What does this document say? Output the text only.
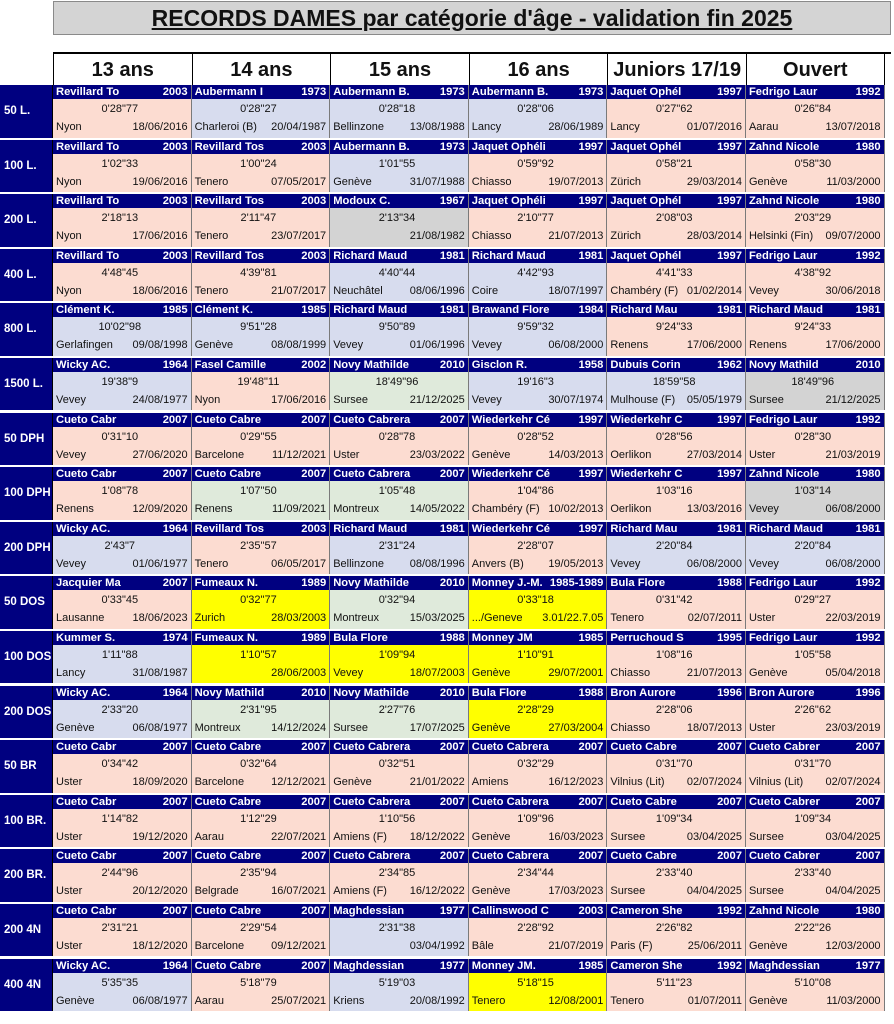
RECORDS DAMES par catégorie d'âge - validation fin 2025
13 ans	14 ans	15 ans	16 ans	Juniors 17/19	Ouvert
50 L.
Revillard To	2003
0'28"77
Nyon	18/06/2016
Aubermann I	1973
0'28"27
Charleroi (B) 20/04/1987
Aubermann B.	1973
0'28"18
Bellinzone 13/08/1988
Aubermann B.	1973
0'28"06
Lancy	28/06/1989
Jaquet Ophél	1997
0'27"62
Lancy	01/07/2016
Fedrigo Laur	1992
0'26"84
Aarau	13/07/2018
100 L.
Revillard To	2003
1'02"33
Nyon	19/06/2016
Revillard Tos	2003
1'00"24
Tenero	07/05/2017
Aubermann B.	1973
1'01"55
Genève	31/07/1988
Jaquet Ophéli	1997
0'59"92
Chiasso	19/07/2013
Jaquet Ophél	1997
0'58"21
Zürich	29/03/2014
Zahnd Nicole	1980
0'58"30
Genève	11/03/2000
200 L.
Revillard To	2003
2'18"13
Nyon	17/06/2016
Revillard Tos	2003
2'11"47
Tenero	23/07/2017
Modoux C.	1967
2'13"34
21/08/1982
Jaquet Ophéli	1997
2'10"77
Chiasso	21/07/2013
Jaquet Ophél	1997
2'08"03
Zürich	28/03/2014
Zahnd Nicole	1980
2'03"29
Helsinki (Fin) 09/07/2000
400 L.
Revillard To	2003
4'48"45
Nyon	18/06/2016
Revillard Tos	2003
4'39"81
Tenero	21/07/2017
Richard Maud	1981
4'40"44
Neuchâtel 08/06/1996
Richard Maud	1981
4'42"93
Coire	18/07/1997
Jaquet Ophél	1997
4'41"33
Chambéry (F) 01/02/2014
Fedrigo Laur	1992
4'38"92
Vevey	30/06/2018
800 L.
Clément K.	1985
10'02"98
Gerlafingen 09/08/1998
Clément K.	1985
9'51"28
Genève	08/08/1999
Richard Maud	1981
9'50"89
Vevey	01/06/1996
Brawand Flore	1984
9'59"32
Vevey	06/08/2000
Richard Mau	1981
9'24"33
Renens	17/06/2000
Richard Maud	1981
9'24"33
Renens	17/06/2000
1500 L.
Wicky AC.	1964
19'38"9
Vevey	24/08/1977
Fasel Camille	2002
19'48"11
Nyon	17/06/2016
Novy Mathilde	2010
18'49"96
Sursee	21/12/2025
Gisclon R.	1958
19'16"3
Vevey	30/07/1974
Dubuis Corin	1962
18'59"58
Mulhouse (F) 05/05/1979
Novy Mathild	2010
18'49"96
Sursee	21/12/2025
50 DPH
Cueto Cabr	2007
0'31"10
Vevey	27/06/2020
Cueto Cabre	2007
0'29"55
Barcelone	11/12/2021
Cueto Cabrera	2007
0'28"78
Uster	23/03/2022
Wiederkehr Cé	1997
0'28"52
Genève	14/03/2013
Wiederkehr C	1997
0'28"56
Oerlikon	27/03/2014
Fedrigo Laur	1992
0'28"30
Uster	21/03/2019
100 DPH
Cueto Cabr	2007
1'08"78
Renens	12/09/2020
Cueto Cabre	2007
1'07"50
Renens	11/09/2021
Cueto Cabrera	2007
1'05"48
Montreux	14/05/2022
Wiederkehr Cé	1997
1'04"86
Chambéry (F) 10/02/2013
Wiederkehr C	1997
1'03"16
Oerlikon	13/03/2016
Zahnd Nicole	1980
1'03"14
Vevey	06/08/2000
200 DPH
Wicky AC.	1964
2'43"7
Vevey	01/06/1977
Revillard Tos	2003
2'35"57
Tenero	06/05/2017
Richard Maud	1981
2'31"24
Bellinzone 08/08/1996
Wiederkehr Cé	1997
2'28"07
Anvers (B) 19/05/2013
Richard Mau	1981
2'20"84
Vevey	06/08/2000
Richard Maud	1981
2'20"84
Vevey	06/08/2000
50 DOS
Jacquier Ma	2007
0'33"45
Lausanne	18/06/2023
Fumeaux N.	1989
0'32"77
Zurich	28/03/2003
Novy Mathilde	2010
0'32"94
Montreux	15/03/2025
Monney J.-M. 1985-1989
0'33"18
.../Geneve 3.01/22.7.05
Bula Flore	1988
0'31"42
Tenero	02/07/2011
Fedrigo Laur	1992
0'29"27
Uster	22/03/2019
100 DOS
Kummer S.	1974
1'11"88
Lancy	31/08/1987
Fumeaux N.	1989
1'10"57
28/06/2003
Bula Flore	1988
1'09"94
Vevey	18/07/2003
Monney JM	1985
1'10"91
Genève	29/07/2001
Perruchoud S	1995
1'08"16
Chiasso	21/07/2013
Fedrigo Laur	1992
1'05"58
Genève	05/04/2018
200 DOS
Wicky AC.	1964
2'33"20
Genève	06/08/1977
Novy Mathild	2010
2'31"95
Montreux	14/12/2024
Novy Mathilde	2010
2'27"76
Sursee	17/07/2025
Bula Flore	1988
2'28"29
Genève	27/03/2004
Bron Aurore	1996
2'28"06
Chiasso	18/07/2013
Bron Aurore	1996
2'26"62
Uster	23/03/2019
50 BR
Cueto Cabr	2007
0'34"42
Uster	18/09/2020
Cueto Cabre	2007
0'32"64
Barcelone 12/12/2021
Cueto Cabrera	2007
0'32"51
Genève	21/01/2022
Cueto Cabrera	2007
0'32"29
Amiens	16/12/2023
Cueto Cabre	2007
0'31"70
Vilnius (Lit) 02/07/2024
Cueto Cabrer	2007
0'31"70
Vilnius (Lit) 02/07/2024
100 BR.
Cueto Cabr	2007
1'14"82
Uster	19/12/2020
Cueto Cabre	2007
1'12"29
Aarau	22/07/2021
Cueto Cabrera	2007
1'10"56
Amiens (F) 18/12/2022
Cueto Cabrera	2007
1'09"96
Genève	16/03/2023
Cueto Cabre	2007
1'09"34
Sursee	03/04/2025
Cueto Cabrer	2007
1'09"34
Sursee	03/04/2025
200 BR.
Cueto Cabr	2007
2'44"96
Uster	20/12/2020
Cueto Cabre	2007
2'35"94
Belgrade	16/07/2021
Cueto Cabrera	2007
2'34"85
Amiens (F) 16/12/2022
Cueto Cabrera	2007
2'34"44
Genève	17/03/2023
Cueto Cabre	2007
2'33"40
Sursee	04/04/2025
Cueto Cabrer	2007
2'33"40
Sursee	04/04/2025
200 4N
Cueto Cabr	2007
2'31"21
Uster	18/12/2020
Cueto Cabre	2007
2'29"54
Barcelone 09/12/2021
Maghdessian	1977
2'31"38
03/04/1992
Callinswood C	2003
2'28"92
Bâle	21/07/2019
Cameron She	1992
2'26"82
Paris (F)	25/06/2011
Zahnd Nicole	1980
2'22"26
Genève	12/03/2000
400 4N
Wicky AC.	1964
5'35"35
Genève	06/08/1977
Cueto Cabre	2007
5'18"79
Aarau	25/07/2021
Maghdessian	1977
5'19"03
Kriens	20/08/1992
Monney JM.	1985
5'18"15
Tenero	12/08/2001
Cameron She	1992
5'11"23
Tenero	01/07/2011
Maghdessian	1977
5'10"08
Genève	11/03/2000
